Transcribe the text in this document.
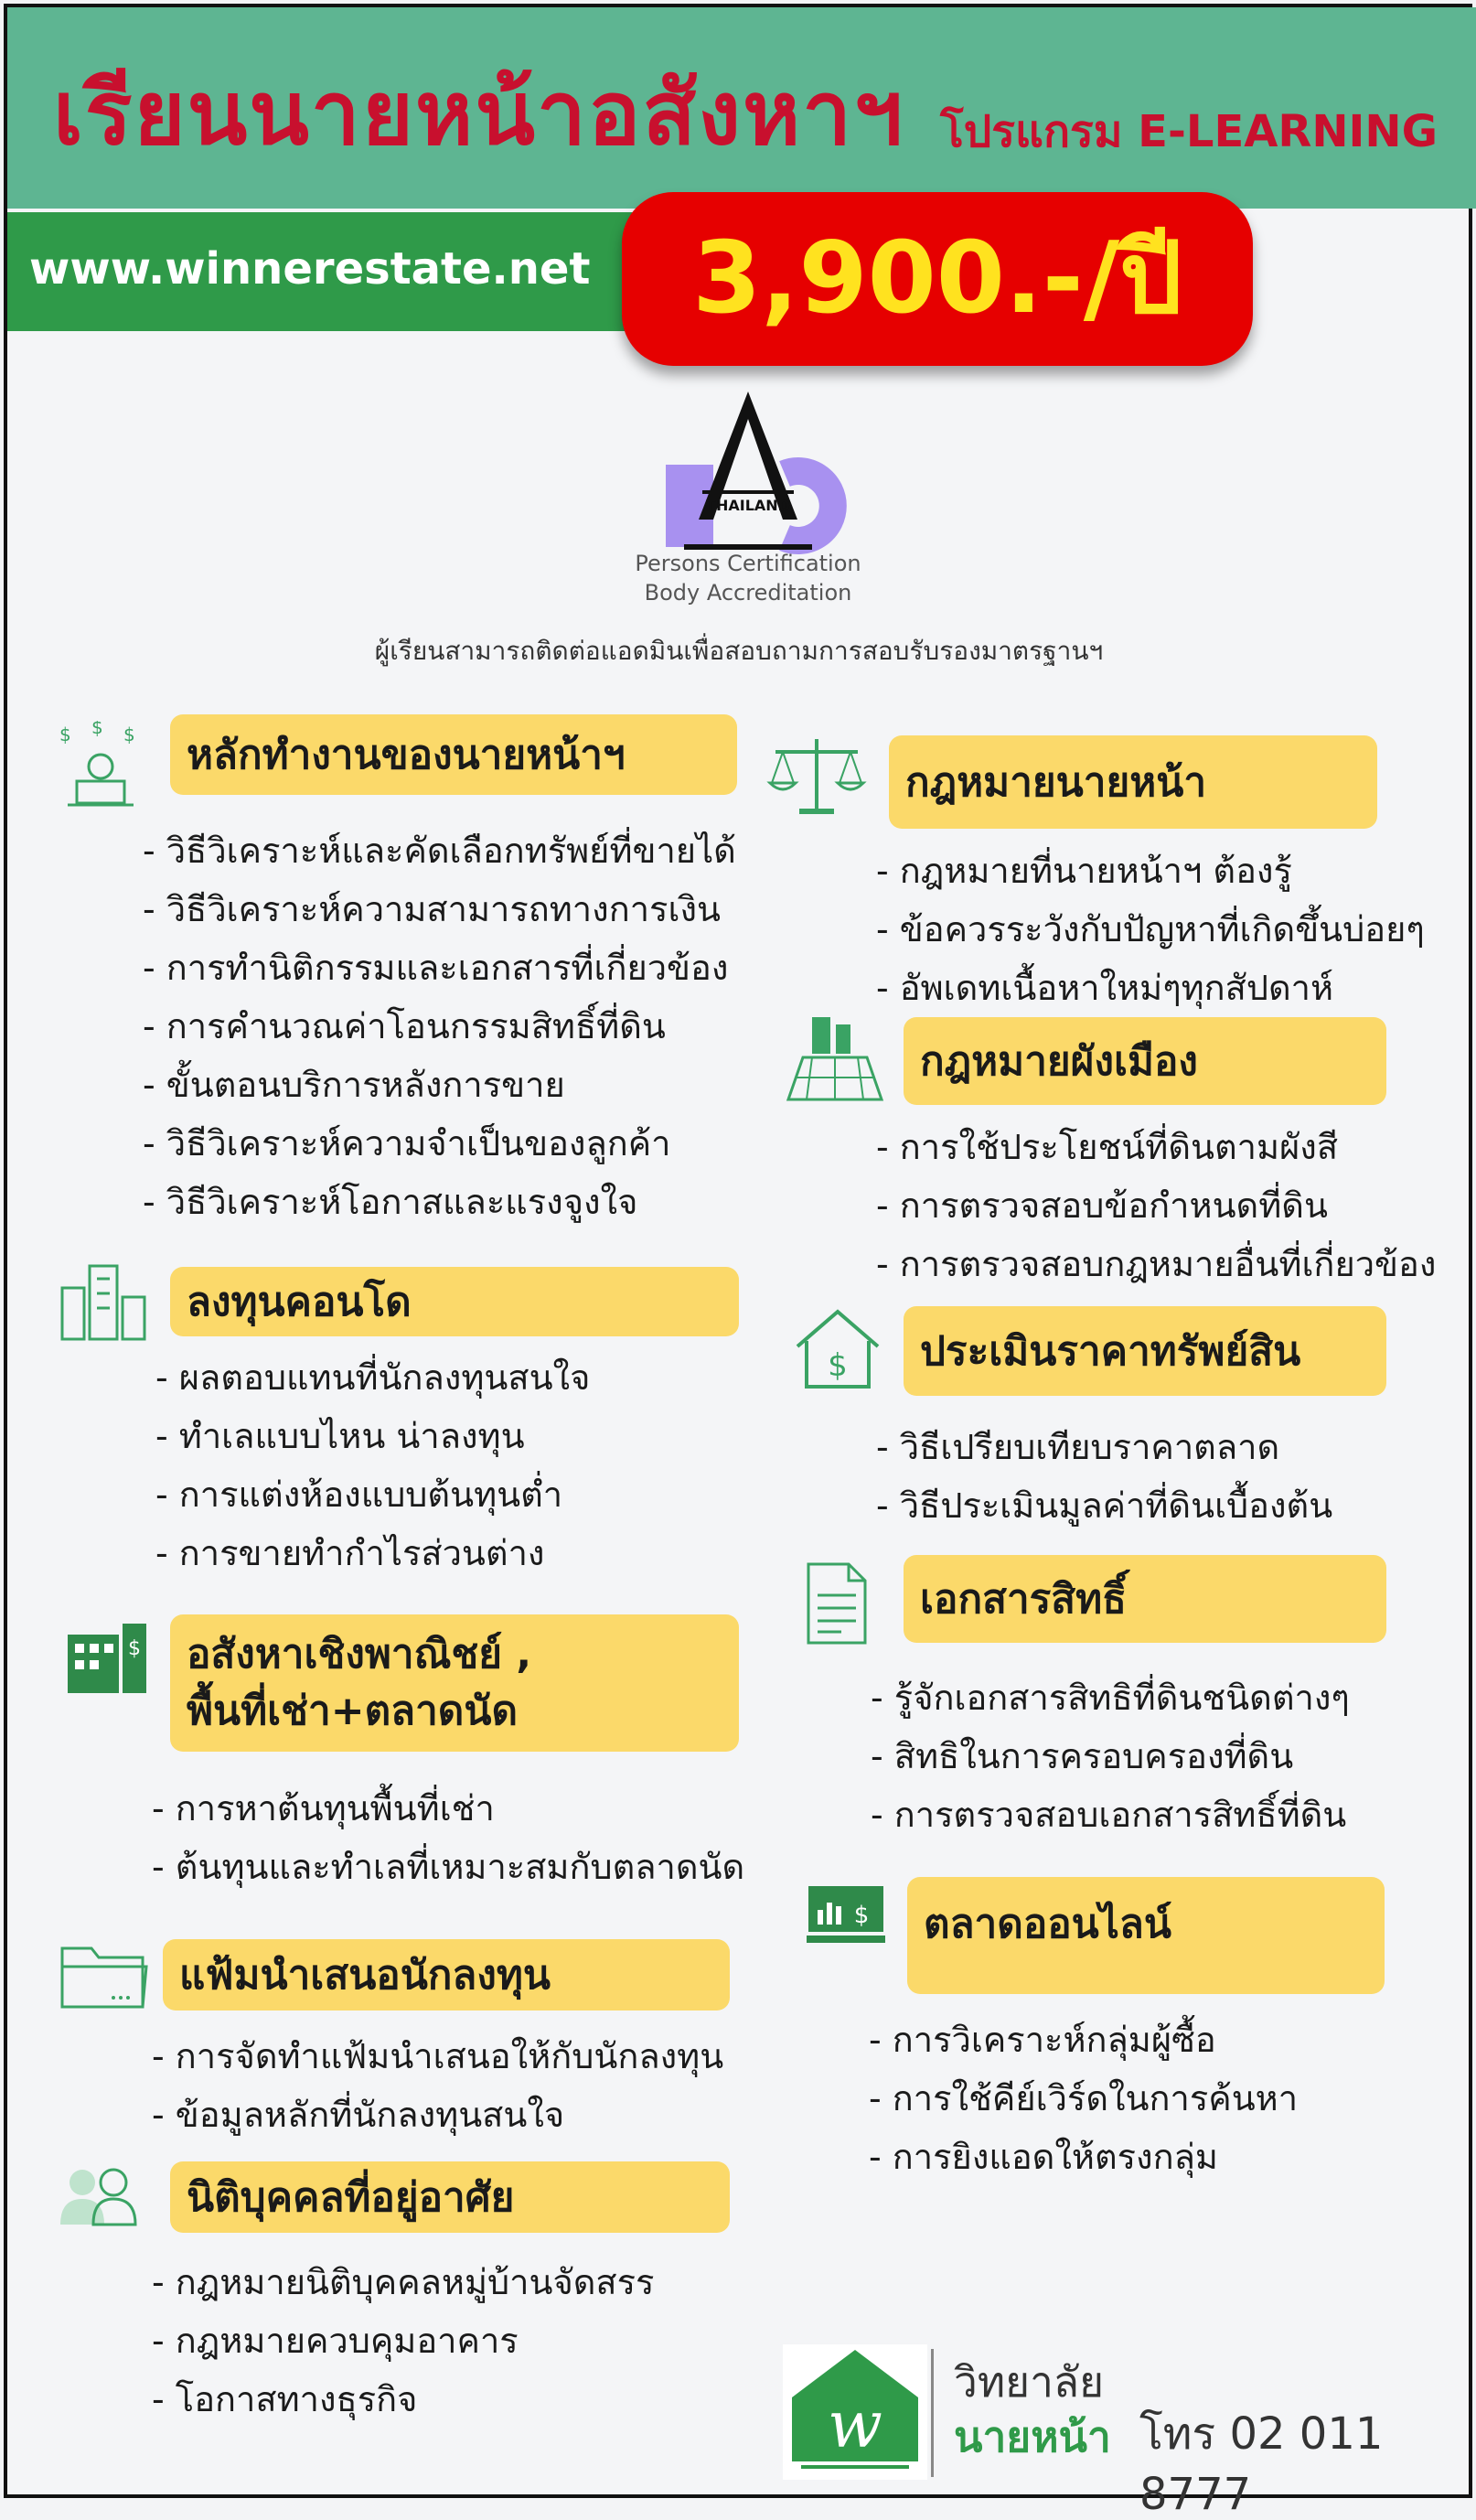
เรียนนายหน้าอสังหาฯ โปรแกรม E-LEARNING
www.winnerestate.net	3,900.-/ปี
THAILAND
Persons Certification
Body Accreditation
ผู้เรียนสามารถติดต่อแอดมินเพื่อสอบถามการสอบรับรองมาตรฐานฯ
$ $ $	หลักทำงานของนายหน้าฯ
- วิธีวิเคราะห์และคัดเลือกทรัพย์ที่ขายได้
- วิธีวิเคราะห์ความสามารถทางการเงิน
- การทำนิติกรรมและเอกสารที่เกี่ยวข้อง
- การคำนวณค่าโอนกรรมสิทธิ์ที่ดิน
- ขั้นตอนบริการหลังการขาย
- วิธีวิเคราะห์ความจำเป็นของลูกค้า
- วิธีวิเคราะห์โอกาสและแรงจูงใจ
ลงทุนคอนโด
- ผลตอบแทนที่นักลงทุนสนใจ
- ทำเลแบบไหน น่าลงทุน
- การแต่งห้องแบบต้นทุนต่ำ
- การขายทำกำไรส่วนต่าง
$ อสังหาเชิงพาณิชย์ ,
พื้นที่เช่า+ตลาดนัด
- การหาต้นทุนพื้นที่เช่า
- ต้นทุนและทำเลที่เหมาะสมกับตลาดนัด
แฟ้มนำเสนอนักลงทุน
- การจัดทำแฟ้มนำเสนอให้กับนักลงทุน
- ข้อมูลหลักที่นักลงทุนสนใจ
นิติบุคคลที่อยู่อาศัย
- กฎหมายนิติบุคคลหมู่บ้านจัดสรร
- กฎหมายควบคุมอาคาร
- โอกาสทางธุรกิจ
กฎหมายนายหน้า
- กฎหมายที่นายหน้าฯ ต้องรู้
- ข้อควรระวังกับปัญหาที่เกิดขึ้นบ่อยๆ
- อัพเดทเนื้อหาใหม่ๆทุกสัปดาห์
กฎหมายผังเมือง
- การใช้ประโยชน์ที่ดินตามผังสี
- การตรวจสอบข้อกำหนดที่ดิน
- การตรวจสอบกฎหมายอื่นที่เกี่ยวข้อง
$	ประเมินราคาทรัพย์สิน
- วิธีเปรียบเทียบราคาตลาด
- วิธีประเมินมูลค่าที่ดินเบื้องต้น
เอกสารสิทธิ์
- รู้จักเอกสารสิทธิที่ดินชนิดต่างๆ
- สิทธิในการครอบครองที่ดิน
- การตรวจสอบเอกสารสิทธิ์ที่ดิน
$	ตลาดออนไลน์
- การวิเคราะห์กลุ่มผู้ซื้อ
- การใช้คีย์เวิร์ดในการค้นหา
- การยิงแอดให้ตรงกลุ่ม
w
วิทยาลัย
นายหน้า โทร 02 011 8777
